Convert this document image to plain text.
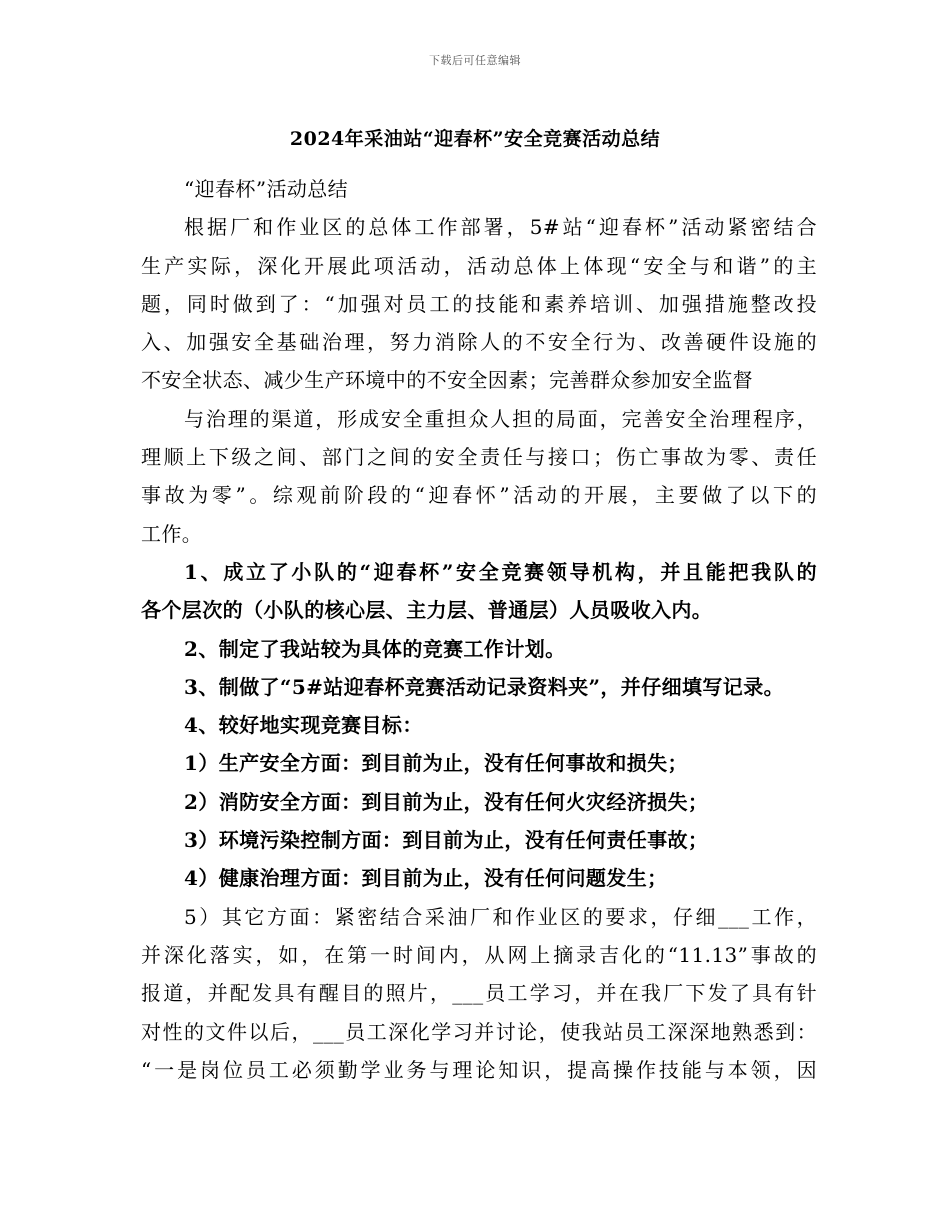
下载后可任意编辑
2024年采油站“迎春杯”安全竞赛活动总结
“迎春杯”活动总结
根据厂和作业区的总体工作部署，5#站“迎春杯”活动紧密结合
生产实际，深化开展此项活动，活动总体上体现“安全与和谐”的主
题，同时做到了：“加强对员工的技能和素养培训、加强措施整改投
入、加强安全基础治理，努力消除人的不安全行为、改善硬件设施的
不安全状态、减少生产环境中的不安全因素；完善群众参加安全监督
与治理的渠道，形成安全重担众人担的局面，完善安全治理程序，
理顺上下级之间、部门之间的安全责任与接口；伤亡事故为零、责任
事故为零”。综观前阶段的“迎春怀”活动的开展，主要做了以下的
工作。
1、成立了小队的“迎春杯”安全竞赛领导机构，并且能把我队的
各个层次的（小队的核心层、主力层、普通层）人员吸收入内。
2、制定了我站较为具体的竞赛工作计划。
3、制做了“5#站迎春杯竞赛活动记录资料夹”，并仔细填写记录。
4、较好地实现竞赛目标：
1）生产安全方面：到目前为止，没有任何事故和损失；
2）消防安全方面：到目前为止，没有任何火灾经济损失；
3）环境污染控制方面：到目前为止，没有任何责任事故；
4）健康治理方面：到目前为止，没有任何问题发生；
5）其它方面：紧密结合采油厂和作业区的要求，仔细___工作，
并深化落实，如，在第一时间内，从网上摘录吉化的“11.13”事故的
报道，并配发具有醒目的照片，___员工学习，并在我厂下发了具有针
对性的文件以后，___员工深化学习并讨论，使我站员工深深地熟悉到：
“一是岗位员工必须勤学业务与理论知识，提高操作技能与本领，因
